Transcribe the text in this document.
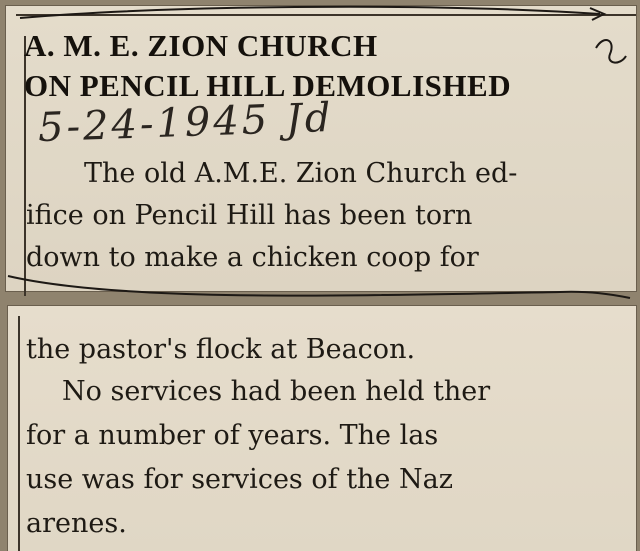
A. M. E. ZION CHURCH
ON PENCIL HILL DEMOLISHED
5-24-1945 Jd
The old A.M.E. Zion Church ed-
ifice on Pencil Hill has been torn
down to make a chicken coop for
the pastor's flock at Beacon.
No services had been held ther
for a number of years. The las
use was for services of the Naz
arenes.
